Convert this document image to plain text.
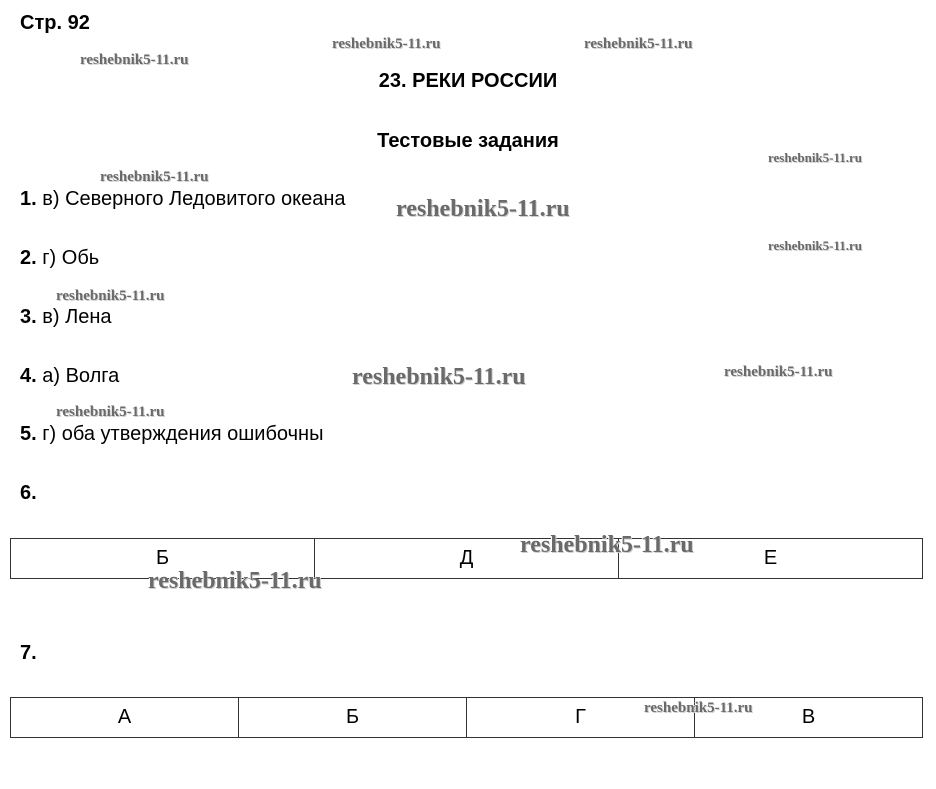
Стр. 92
23. РЕКИ РОССИИ
Тестовые задания
1. в) Северного Ледовитого океана
2. г) Обь
3. в) Лена
4. а) Волга
5. г) оба утверждения ошибочны
6.
Б	Д	Е
7.
А	Б	Г	В
reshebnik5-11.ru	reshebnik5-11.ru
reshebnik5-11.ru
reshebnik5-11.ru
reshebnik5-11.ru
reshebnik5-11.ru
reshebnik5-11.ru
reshebnik5-11.ru
reshebnik5-11.ru	reshebnik5-11.ru
reshebnik5-11.ru
reshebnik5-11.ru
reshebnik5-11.ru
reshebnik5-11.ru
